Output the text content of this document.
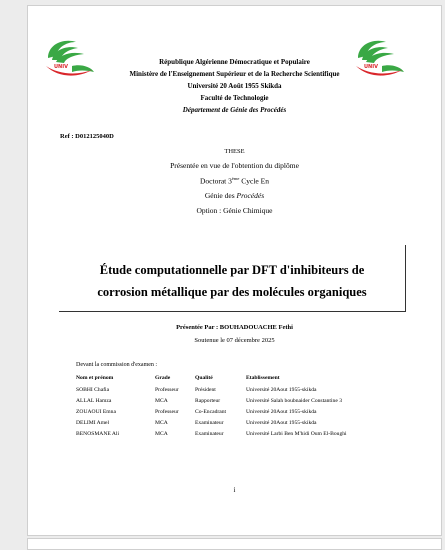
UNIV	UNIV
République Algérienne Démocratique et Populaire
Ministère de l'Enseignement Supérieur et de la Recherche Scientifique
Université 20 Août 1955 Skikda
Faculté de Technologie
Département de Génie des Procédés
Ref : D012125040D
THESE
Présentée en vue de l'obtention du diplôme
Doctorat 3ème Cycle En
Génie des Procédés
Option : Génie Chimique
Étude computationnelle par DFT d'inhibiteurs de
corrosion métallique par des molécules organiques
Présentée Par : BOUHADOUACHE Fethi
Soutenue le 07 décembre 2025
Devant la commission d'examen :
Nom et prénom	Grade	Qualité	Etablissement
SOBHI Chafia	Professeur	Président	Université 20Aout 1955-skikda
ALLAL Hamza	MCA	Rapporteur	Université Salah boubnaider Constantine 3
ZOUAOUI Emna	Professeur	Co-Encadrant	Université 20Aout 1955-skikda
DELIMI Amel	MCA	Examinateur	Université 20Aout 1955-skikda
BENOSMANE Ali	MCA	Examinateur	Université Larbi Ben M'hidi Oum El-Boughi
i
